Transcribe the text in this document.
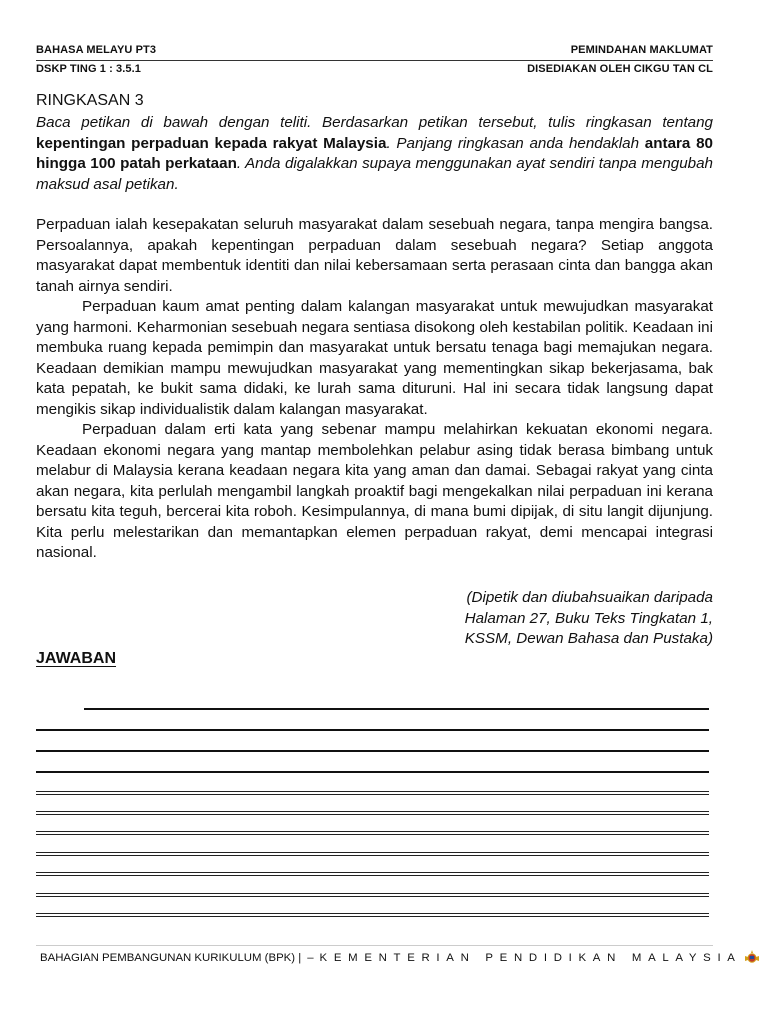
BAHASA MELAYU PT3	PEMINDAHAN MAKLUMAT
DSKP TING 1 : 3.5.1	DISEDIAKAN OLEH CIKGU TAN CL
RINGKASAN 3
Baca petikan di bawah dengan teliti. Berdasarkan petikan tersebut, tulis ringkasan tentang kepentingan perpaduan kepada rakyat Malaysia. Panjang ringkasan anda hendaklah antara 80 hingga 100 patah perkataan. Anda digalakkan supaya menggunakan ayat sendiri tanpa mengubah maksud asal petikan.

Perpaduan ialah kesepakatan seluruh masyarakat dalam sesebuah negara, tanpa mengira bangsa. Persoalannya, apakah kepentingan perpaduan dalam sesebuah negara? Setiap anggota masyarakat dapat membentuk identiti dan nilai kebersamaan serta perasaan cinta dan bangga akan tanah airnya sendiri.

Perpaduan kaum amat penting dalam kalangan masyarakat untuk mewujudkan masyarakat yang harmoni. Keharmonian sesebuah negara sentiasa disokong oleh kestabilan politik. Keadaan ini membuka ruang kepada pemimpin dan masyarakat untuk bersatu tenaga bagi memajukan negara. Keadaan demikian mampu mewujudkan masyarakat yang mementingkan sikap bekerjasama, bak kata pepatah, ke bukit sama didaki, ke lurah sama dituruni. Hal ini secara tidak langsung dapat mengikis sikap individualistik dalam kalangan masyarakat.

Perpaduan dalam erti kata yang sebenar mampu melahirkan kekuatan ekonomi negara. Keadaan ekonomi negara yang mantap membolehkan pelabur asing tidak berasa bimbang untuk melabur di Malaysia kerana keadaan negara kita yang aman dan damai. Sebagai rakyat yang cinta akan negara, kita perlulah mengambil langkah proaktif bagi mengekalkan nilai perpaduan ini kerana bersatu kita teguh, bercerai kita roboh. Kesimpulannya, di mana bumi dipijak, di situ langit dijunjung. Kita perlu melestarikan dan memantapkan elemen perpaduan rakyat, demi mencapai integrasi nasional.

(Dipetik dan diubahsuaikan daripada
Halaman 27, Buku Teks Tingkatan 1,
KSSM, Dewan Bahasa dan Pustaka)
JAWABAN
BAHAGIAN PEMBANGUNAN KURIKULUM (BPK) | – KEMENTERIAN PENDIDIKAN MALAYSIA
